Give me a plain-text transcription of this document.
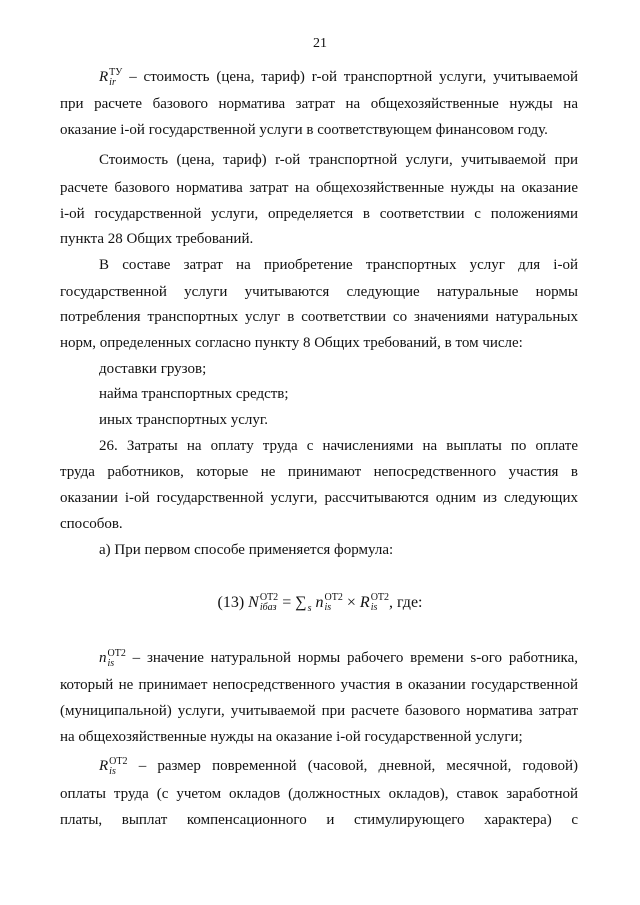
21
R ТУ
ir – стоимость (цена, тариф) r-ой транспортной услуги, учитываемой
при расчете базового норматива затрат на общехозяйственные нужды на
оказание i-ой государственной услуги в соответствующем финансовом году.
Стоимость (цена, тариф) r-ой транспортной услуги, учитываемой при
расчете базового норматива затрат на общехозяйственные нужды на оказание
i-ой государственной услуги, определяется в соответствии с положениями
пункта 28 Общих требований.
В составе затрат на приобретение транспортных услуг для i-ой
государственной услуги учитываются следующие натуральные нормы
потребления транспортных услуг в соответствии со значениями натуральных
норм, определенных согласно пункту 8 Общих требований, в том числе:
доставки грузов;
найма транспортных средств;
иных транспортных услуг.
26. Затраты на оплату труда с начислениями на выплаты по оплате
труда работников, которые не принимают непосредственного участия в
оказании i-ой государственной услуги, рассчитываются одним из следующих
способов.
а) При первом способе применяется формула:
(13) N ОТ2
iбаз = ∑ s n ОТ2
is × R ОТ2
is , где:
n ОТ2
is – значение натуральной нормы рабочего времени s-ого работника,
который не принимает непосредственного участия в оказании государственной
(муниципальной) услуги, учитываемой при расчете базового норматива затрат
на общехозяйственные нужды на оказание i-ой государственной услуги;
R ОТ2
is – размер повременной (часовой, дневной, месячной, годовой)
оплаты труда (с учетом окладов (должностных окладов), ставок заработной
платы, выплат компенсационного и стимулирующего характера) с
